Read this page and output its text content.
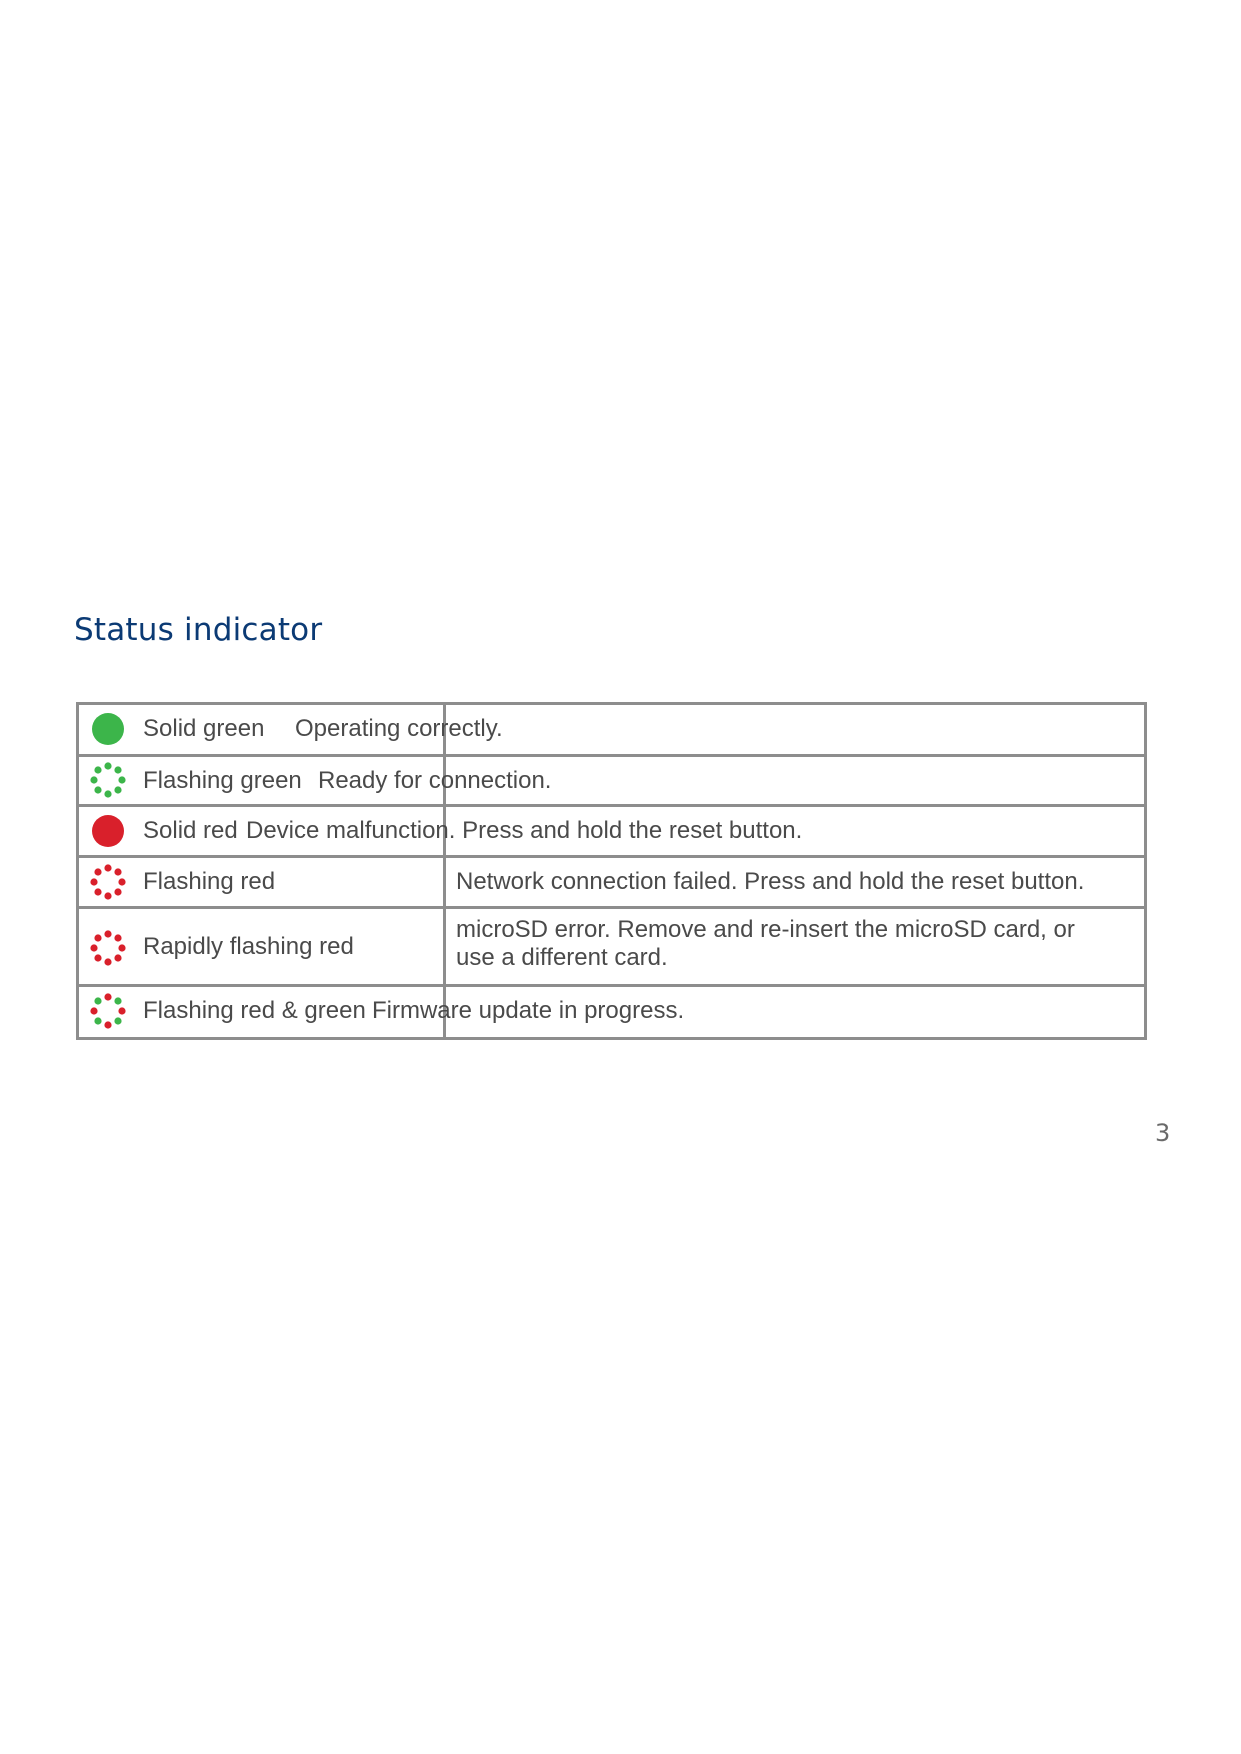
Status indicator
Solid green Operating correctly.
Flashing green Ready for connection.
Solid red Device malfunction. Press and hold the reset button.
Flashing red	Network connection failed. Press and hold the reset button.
Rapidly flashing red
microSD error. Remove and re-insert the microSD card, or use a different card.
Flashing red & green Firmware update in progress.
3
